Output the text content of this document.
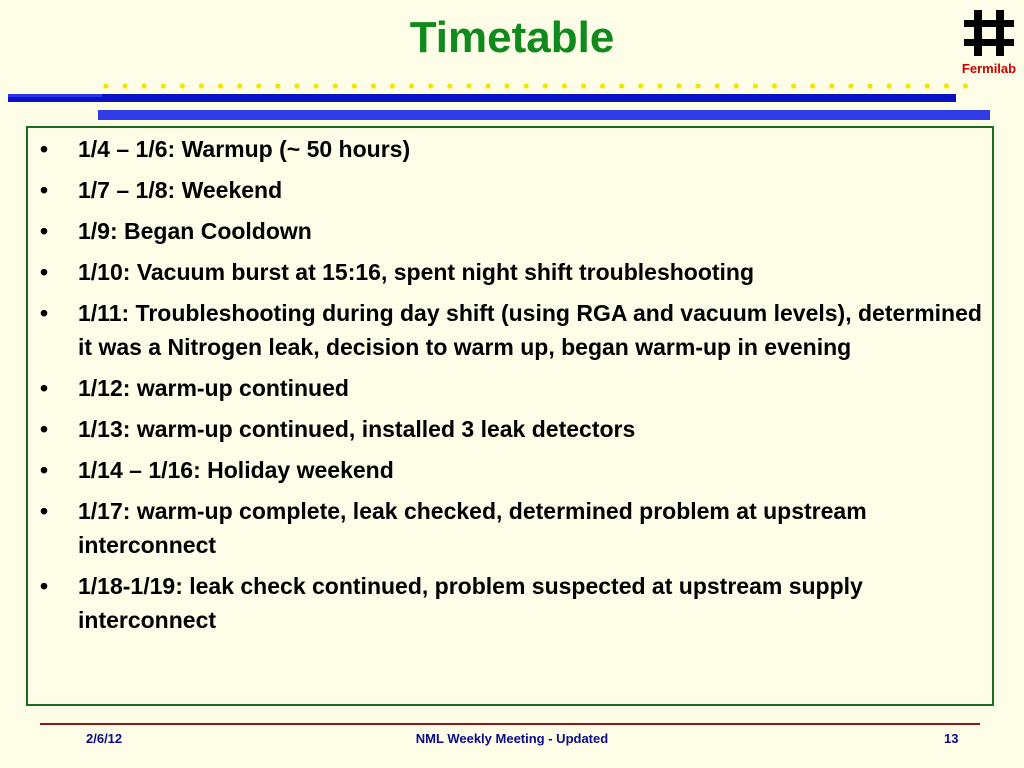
Timetable
Fermilab
• 1/4 – 1/6: Warmup (~ 50 hours)
• 1/7 – 1/8: Weekend
• 1/9: Began Cooldown
• 1/10: Vacuum burst at 15:16, spent night shift troubleshooting
• 1/11: Troubleshooting during day shift (using RGA and vacuum levels), determined it was a Nitrogen leak, decision to warm up, began warm-up in evening
• 1/12: warm-up continued
• 1/13: warm-up continued, installed 3 leak detectors
• 1/14 – 1/16: Holiday weekend
• 1/17: warm-up complete, leak checked, determined problem at upstream interconnect
• 1/18-1/19: leak check continued, problem suspected at upstream supply interconnect
2/6/12	NML Weekly Meeting - Updated	13
